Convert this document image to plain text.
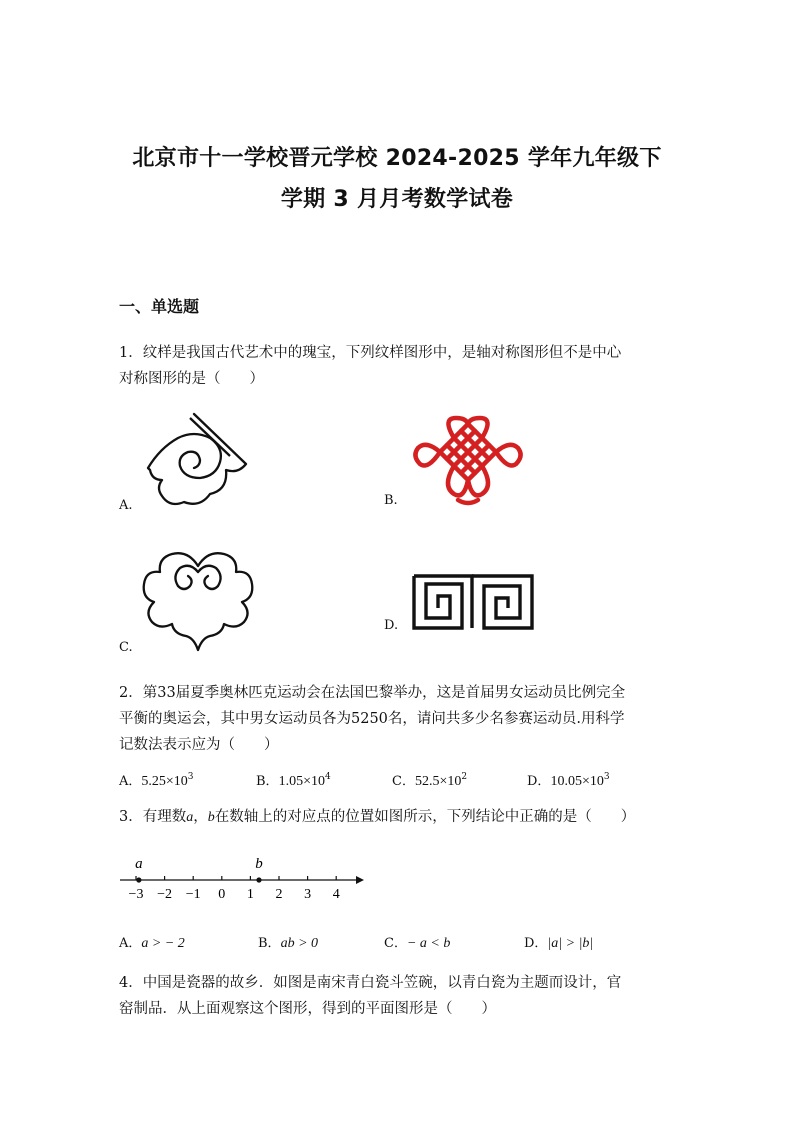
北京市十一学校晋元学校 2024-2025 学年九年级下
学期 3 月月考数学试卷
一、单选题
1．纹样是我国古代艺术中的瑰宝，下列纹样图形中，是轴对称图形但不是中心
对称图形的是（　　）
A.	B.
C.
D.
2．第33届夏季奥林匹克运动会在法国巴黎举办，这是首届男女运动员比例完全
平衡的奥运会，其中男女运动员各为5250名，请问共多少名参赛运动员.用科学
记数法表示应为（　　）
A．$5.25\times 10^3$	B．$1.05\times 10^4$	C．$52.5\times 10^2$	D．$10.05\times 10^3$
3．有理数a，b在数轴上的对应点的位置如图所示，下列结论中正确的是（　　）
−3 −2 −1 0 1 2 3 4
a	b
A．a > − 2	B．ab > 0	C．− a < b	D．|a| > |b|
4．中国是瓷器的故乡．如图是南宋青白瓷斗笠碗，以青白瓷为主题而设计，官
窑制品．从上面观察这个图形，得到的平面图形是（　　）
